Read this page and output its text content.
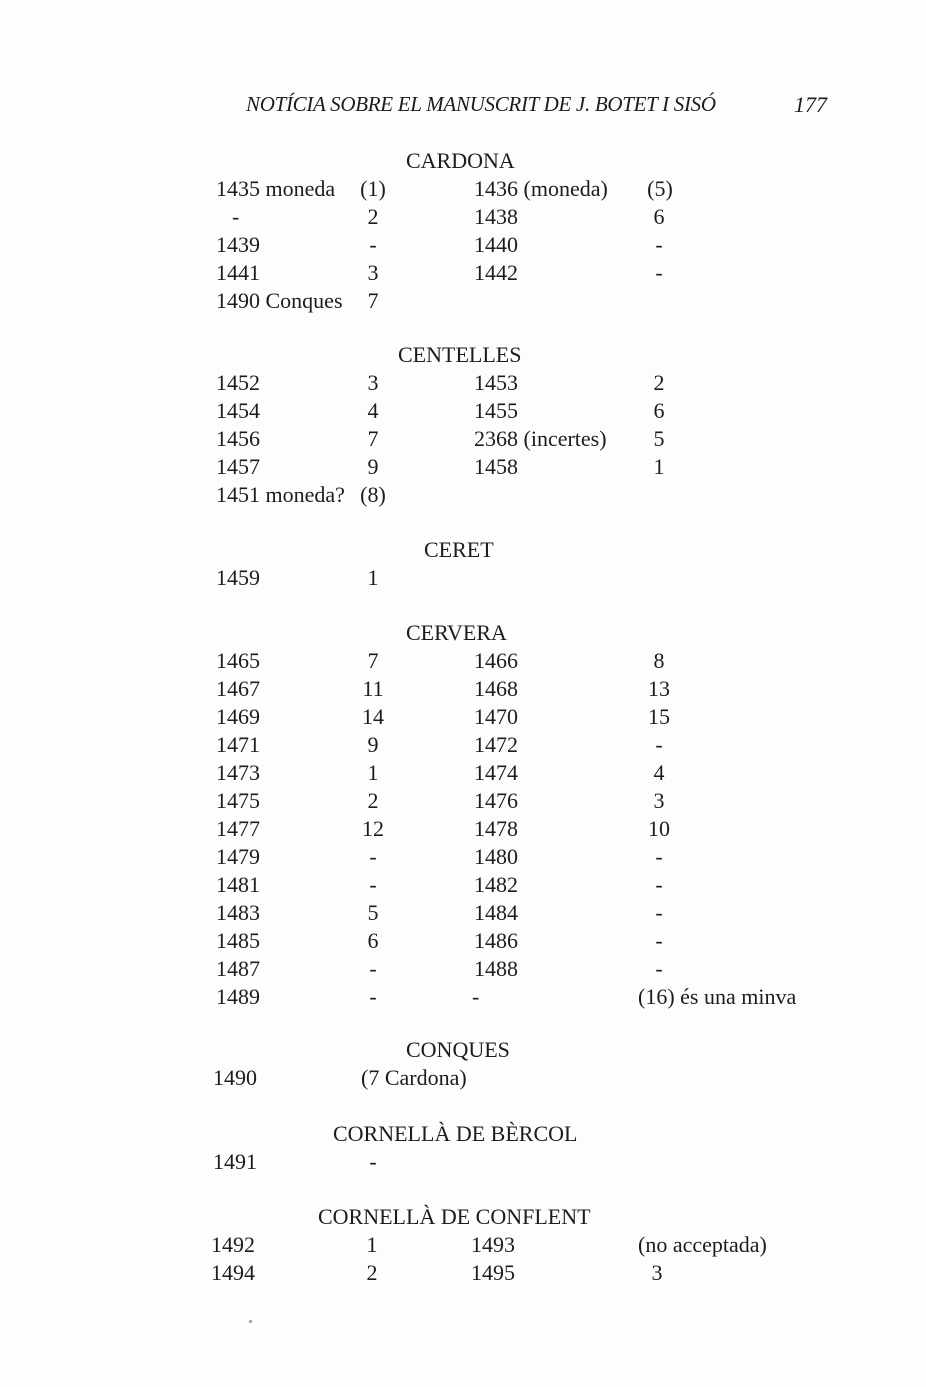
NOTÍCIA SOBRE EL MANUSCRIT DE J. BOTET I SISÓ	177
CARDONA
1435 moneda	(1)	1436 (moneda) (5)
-	2	1438	6
1439	-	1440	-
1441	3	1442	-
1490 Conques 7
CENTELLES
1452	3	1453	2
1454	4	1455	6
1456	7	2368 (incertes) 5
1457	9	1458	1
1451 moneda? (8)
CERET
1459	1
CERVERA
1465	7	1466	8
1467	11	1468	13
1469	14	1470	15
1471	9	1472	-
1473	1	1474	4
1475	2	1476	3
1477	12	1478	10
1479	-	1480	-
1481	-	1482	-
1483	5	1484	-
1485	6	1486	-
1487	-	1488	-
1489	-	-	(16) és una minva
CONQUES
1490	(7 Cardona)
CORNELLÀ DE BÈRCOL
1491	-
CORNELLÀ DE CONFLENT
1492	1	1493	(no acceptada)
1494	2	1495	3
